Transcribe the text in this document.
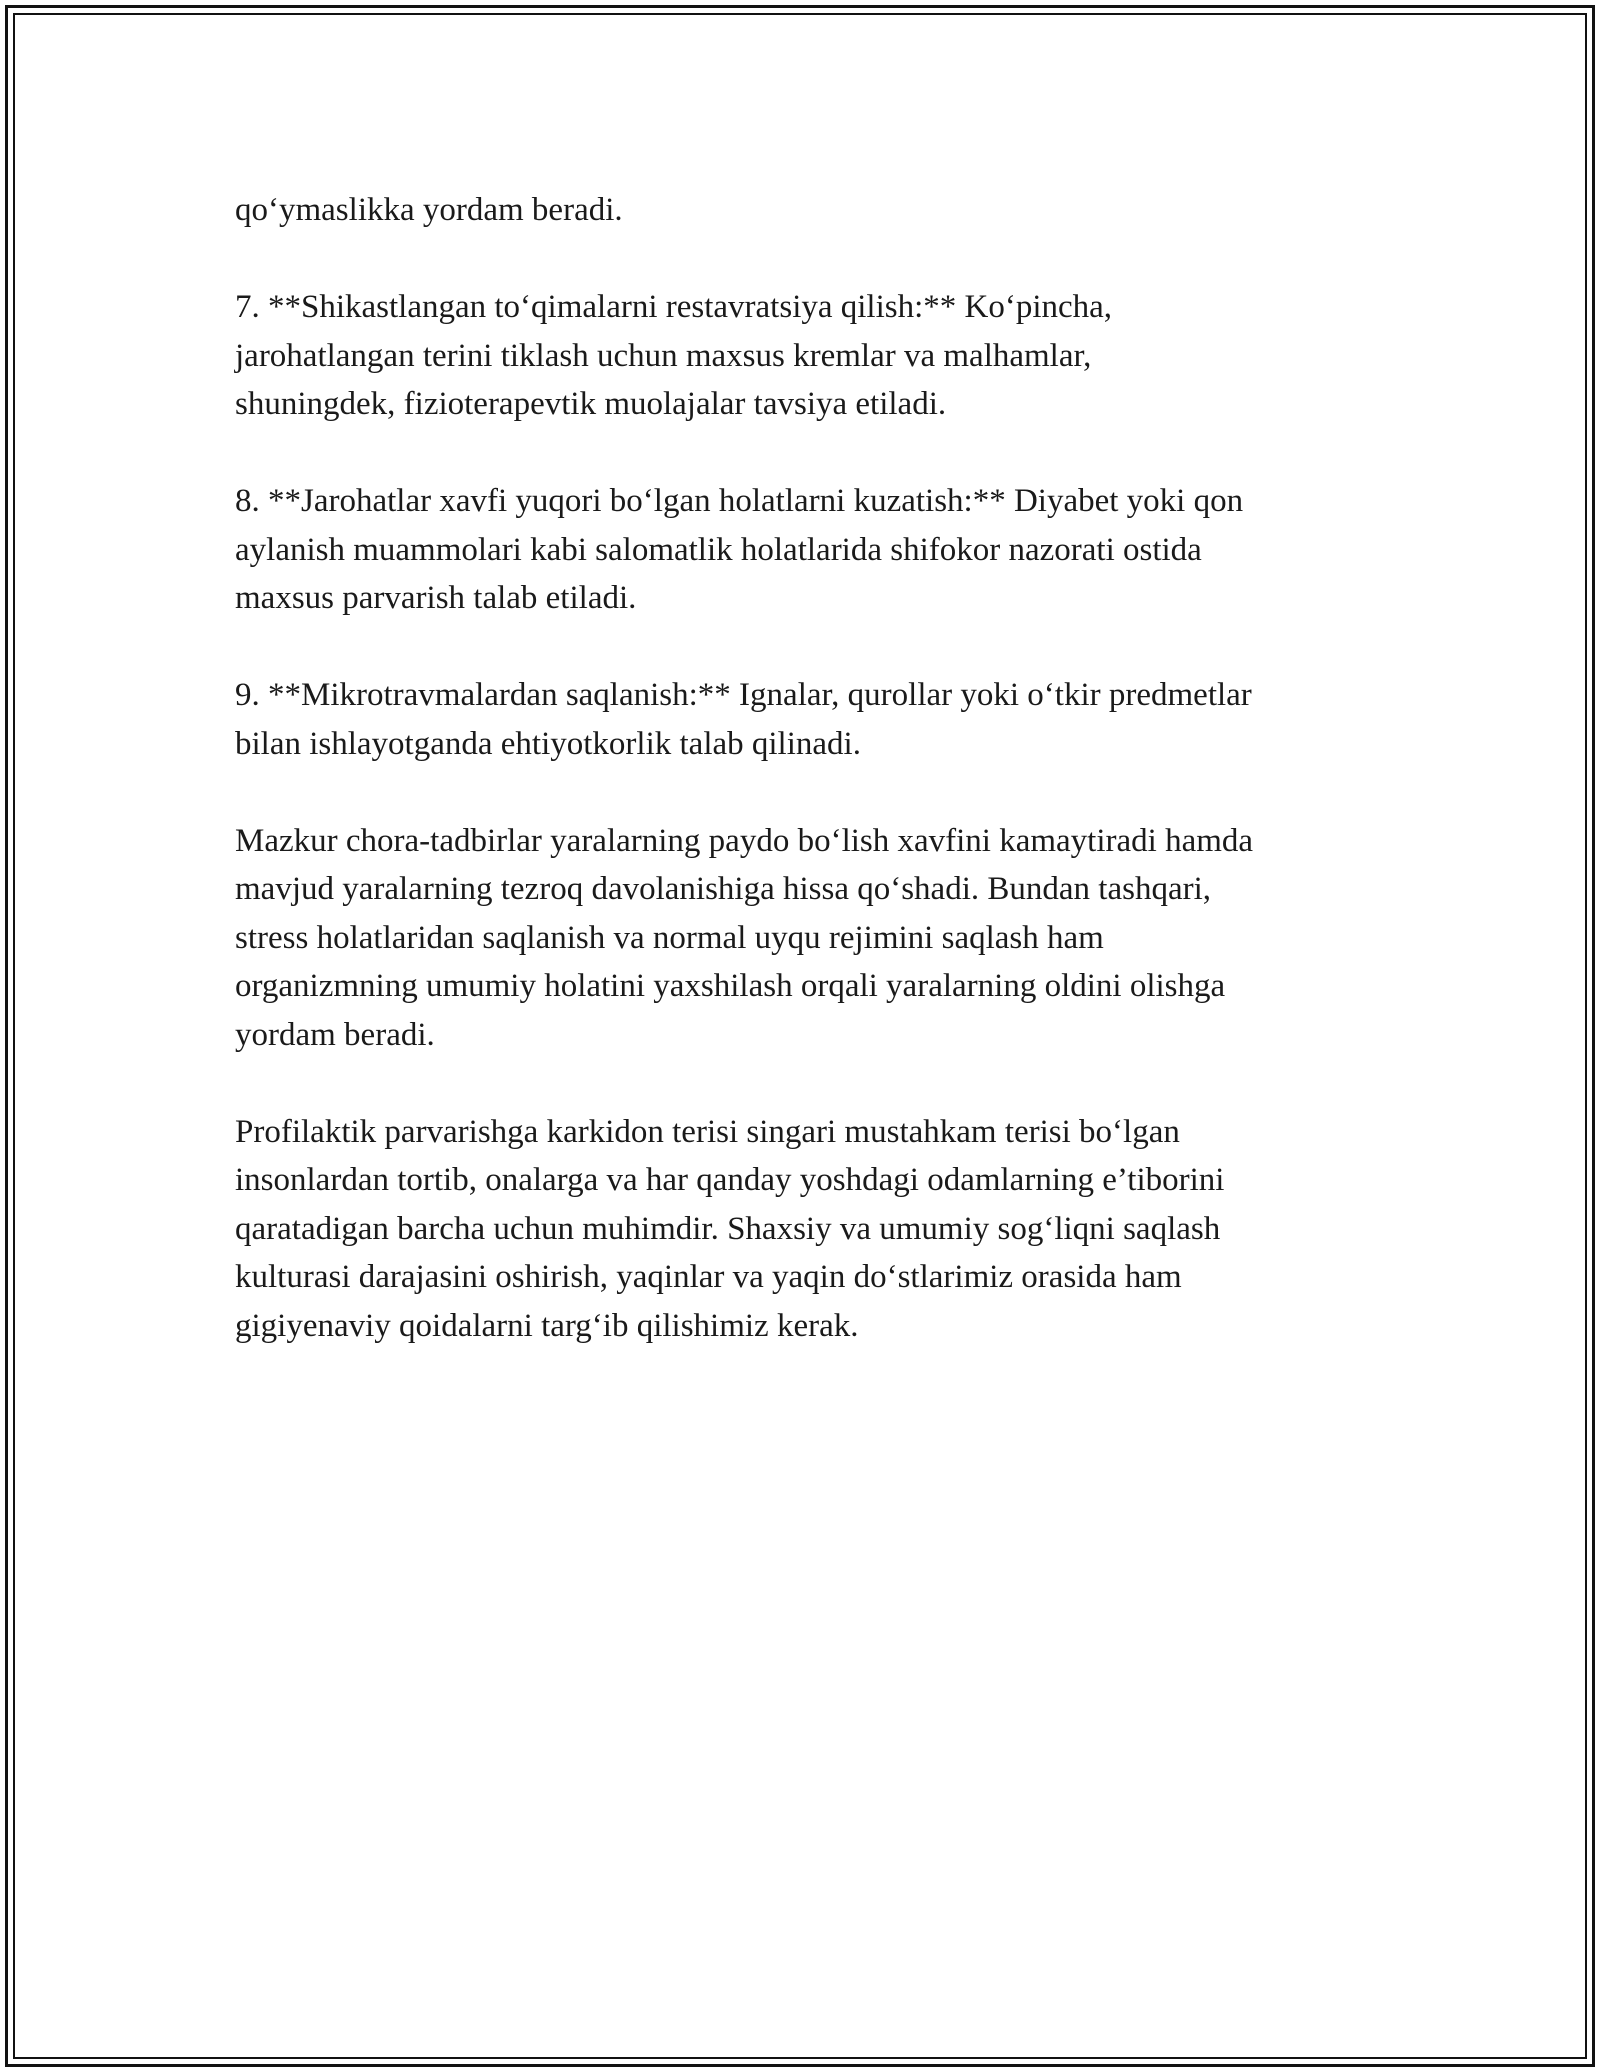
qo‘ymaslikka yordam beradi.

7. **Shikastlangan to‘qimalarni restavratsiya qilish:** Ko‘pincha,
jarohatlangan terini tiklash uchun maxsus kremlar va malhamlar,
shuningdek, fizioterapevtik muolajalar tavsiya etiladi.

8. **Jarohatlar xavfi yuqori bo‘lgan holatlarni kuzatish:** Diyabet yoki qon
aylanish muammolari kabi salomatlik holatlarida shifokor nazorati ostida
maxsus parvarish talab etiladi.

9. **Mikrotravmalardan saqlanish:** Ignalar, qurollar yoki o‘tkir predmetlar
bilan ishlayotganda ehtiyotkorlik talab qilinadi.

Mazkur chora-tadbirlar yaralarning paydo bo‘lish xavfini kamaytiradi hamda
mavjud yaralarning tezroq davolanishiga hissa qo‘shadi. Bundan tashqari,
stress holatlaridan saqlanish va normal uyqu rejimini saqlash ham
organizmning umumiy holatini yaxshilash orqali yaralarning oldini olishga
yordam beradi.

Profilaktik parvarishga karkidon terisi singari mustahkam terisi bo‘lgan
insonlardan tortib, onalarga va har qanday yoshdagi odamlarning e’tiborini
qaratadigan barcha uchun muhimdir. Shaxsiy va umumiy sog‘liqni saqlash
kulturasi darajasini oshirish, yaqinlar va yaqin do‘stlarimiz orasida ham
gigiyenaviy qoidalarni targ‘ib qilishimiz kerak.
